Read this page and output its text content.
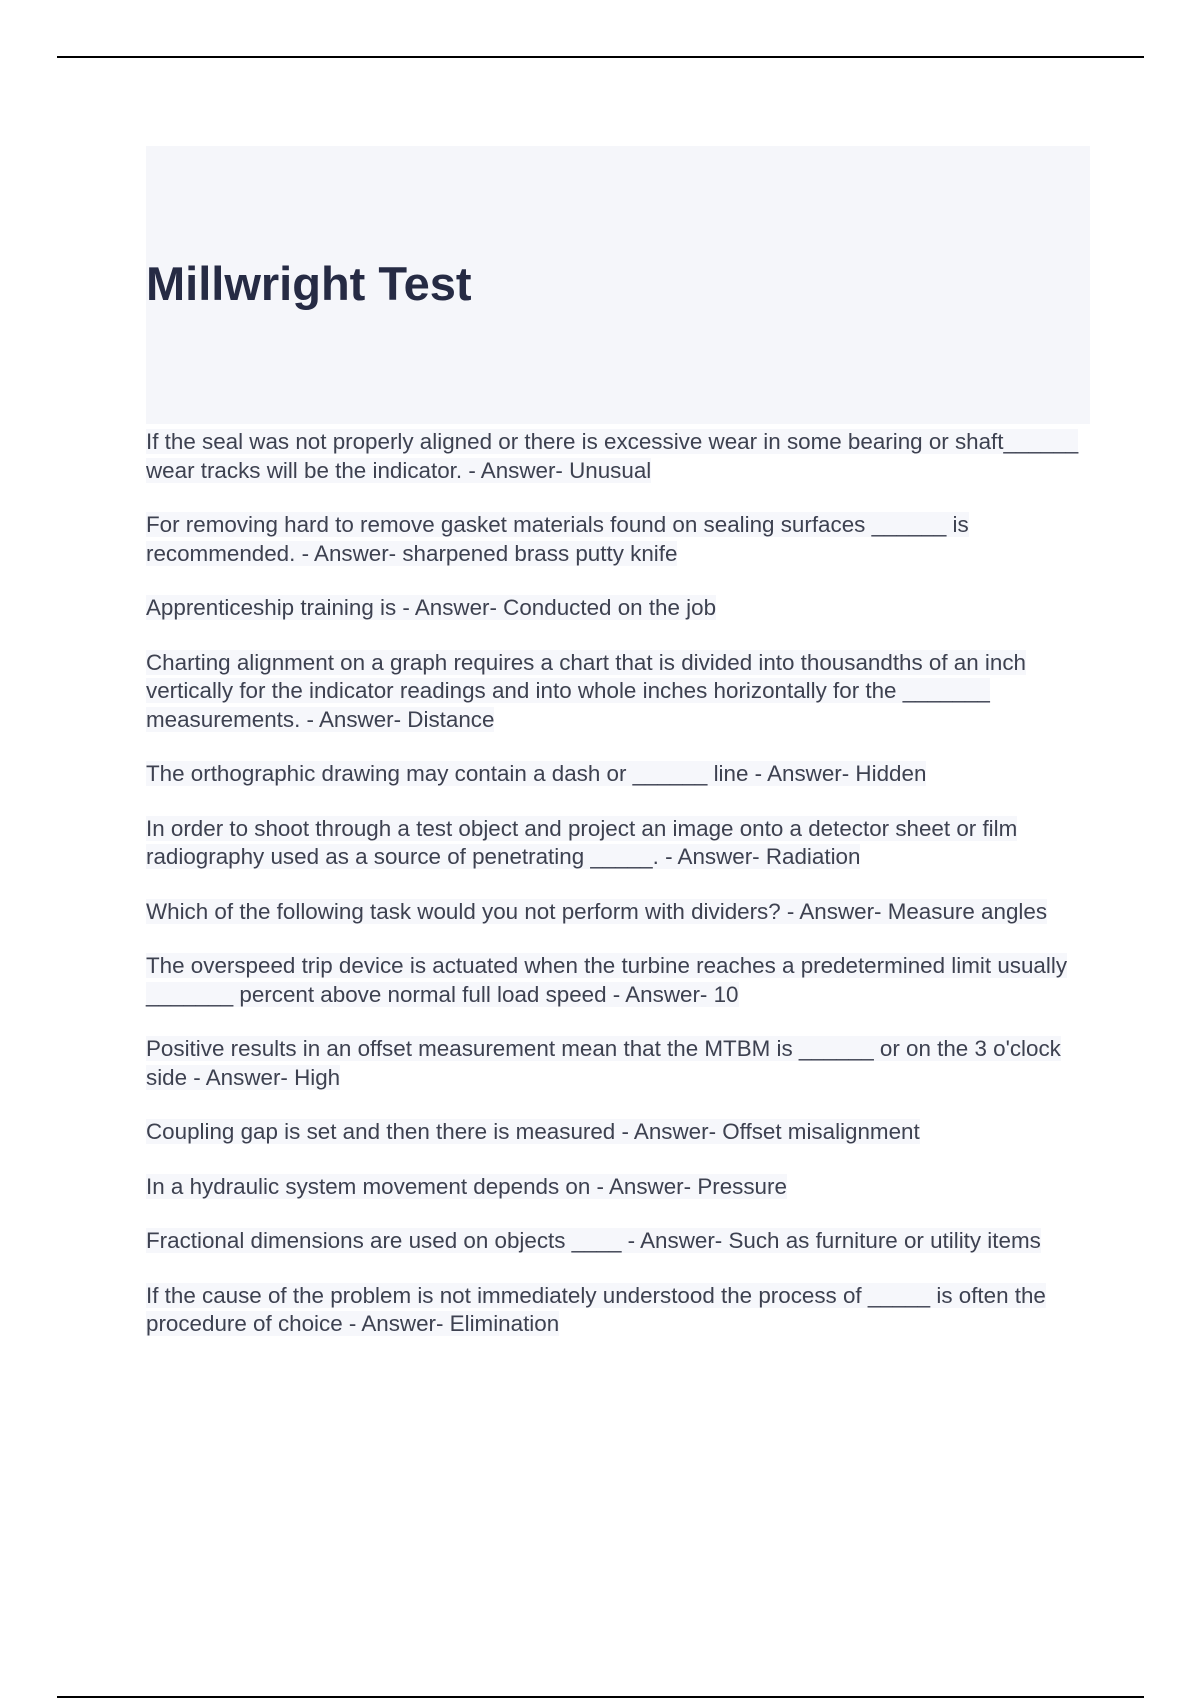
Millwright Test
If the seal was not properly aligned or there is excessive wear in some bearing or shaft______ wear tracks will be the indicator. - Answer- Unusual
For removing hard to remove gasket materials found on sealing surfaces ______ is recommended. - Answer- sharpened brass putty knife
Apprenticeship training is - Answer- Conducted on the job
Charting alignment on a graph requires a chart that is divided into thousandths of an inch vertically for the indicator readings and into whole inches horizontally for the _______ measurements. - Answer- Distance
The orthographic drawing may contain a dash or ______ line - Answer- Hidden
In order to shoot through a test object and project an image onto a detector sheet or film radiography used as a source of penetrating _____. - Answer- Radiation
Which of the following task would you not perform with dividers? - Answer- Measure angles
The overspeed trip device is actuated when the turbine reaches a predetermined limit usually _______ percent above normal full load speed - Answer- 10
Positive results in an offset measurement mean that the MTBM is ______ or on the 3 o'clock side - Answer- High
Coupling gap is set and then there is measured - Answer- Offset misalignment
In a hydraulic system movement depends on - Answer- Pressure
Fractional dimensions are used on objects ____ - Answer- Such as furniture or utility items
If the cause of the problem is not immediately understood the process of _____ is often the procedure of choice - Answer- Elimination
